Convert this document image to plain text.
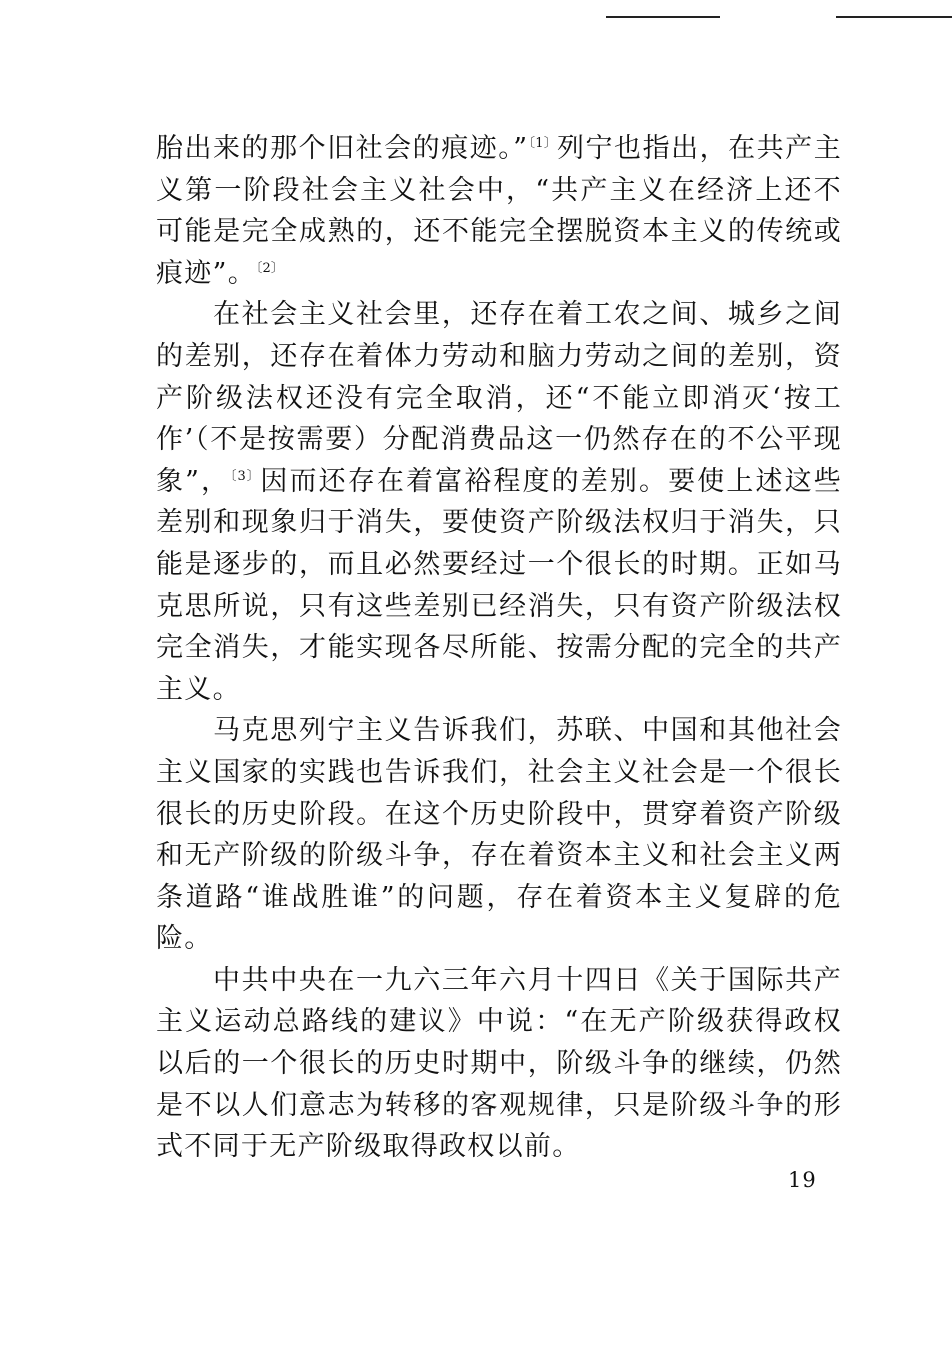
胎出来的那个旧社会的痕迹。”$^{〔1〕}$列宁也指出，在共产主义第一阶段社会主义社会中，“共产主义在经济上还不可能是完全成熟的，还不能完全摆脱资本主义的传统或痕迹”。$^{〔2〕}$

在社会主义社会里，还存在着工农之间、城乡之间的差别，还存在着体力劳动和脑力劳动之间的差别，资产阶级法权还没有完全取消，还“不能立即消灭‘按工作’（不是按需要）分配消费品这一仍然存在的不公平现象”，$^{〔3〕}$因而还存在着富裕程度的差别。要使上述这些差别和现象归于消失，要使资产阶级法权归于消失，只能是逐步的，而且必然要经过一个很长的时期。正如马克思所说，只有这些差别已经消失，只有资产阶级法权完全消失，才能实现各尽所能、按需分配的完全的共产主义。

马克思列宁主义告诉我们，苏联、中国和其他社会主义国家的实践也告诉我们，社会主义社会是一个很长很长的历史阶段。在这个历史阶段中，贯穿着资产阶级和无产阶级的阶级斗争，存在着资本主义和社会主义两条道路“谁战胜谁”的问题，存在着资本主义复辟的危险。

中共中央在一九六三年六月十四日《关于国际共产主义运动总路线的建议》中说：“在无产阶级获得政权以后的一个很长的历史时期中，阶级斗争的继续，仍然是不以人们意志为转移的客观规律，只是阶级斗争的形式不同于无产阶级取得政权以前。

19
